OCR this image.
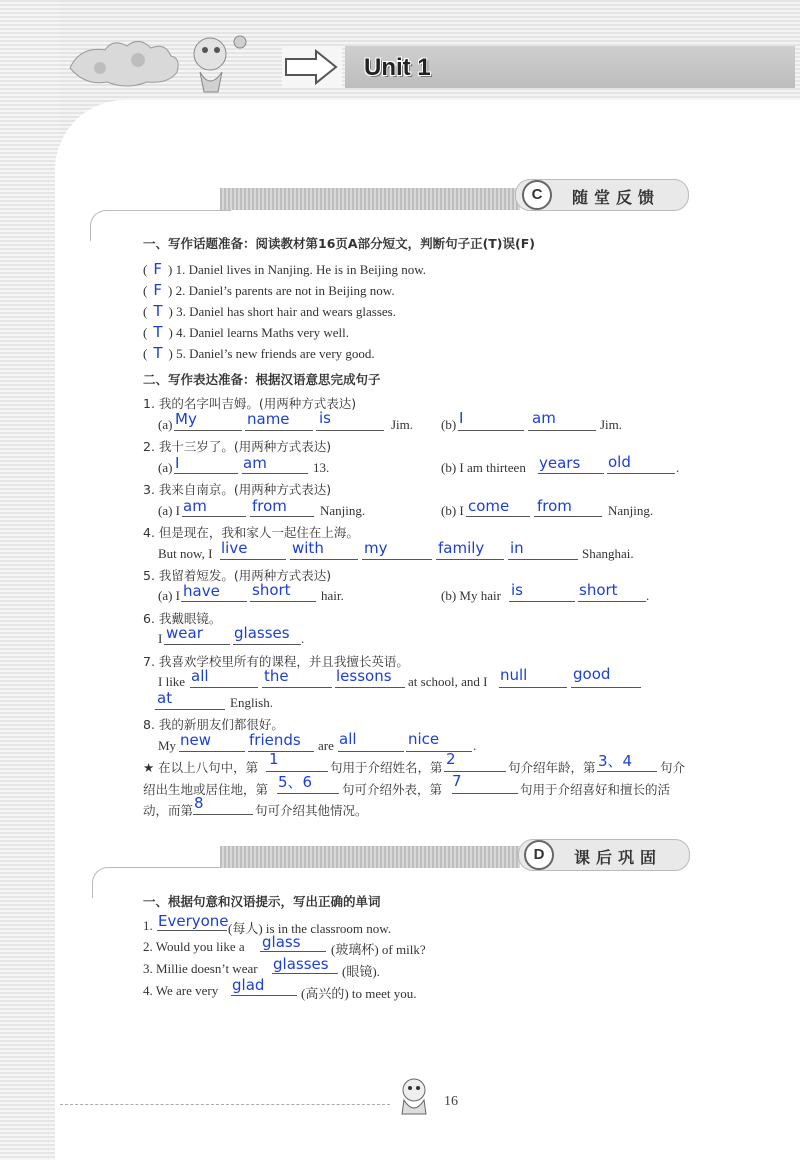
Unit 1
C	随堂反馈
一、写作话题准备：阅读教材第16页A部分短文，判断句子正(T)误(F)
( F ) 1. Daniel lives in Nanjing. He is in Beijing now.
( F ) 2. Daniel’s parents are not in Beijing now.
( T ) 3. Daniel has short hair and wears glasses.
( T ) 4. Daniel learns Maths very well.
( T ) 5. Daniel’s new friends are very good.
二、写作表达准备：根据汉语意思完成句子
1. 我的名字叫吉姆。(用两种方式表达)
(a) My	name is	Jim. (b) I	am	Jim.
2. 我十三岁了。(用两种方式表达)
(a) I	am	13.	(b) I am thirteen years old	.
3. 我来自南京。(用两种方式表达)
(a) I am	from	Nanjing.	(b) I come from	Nanjing.
4. 但是现在，我和家人一起住在上海。
But now, I live	with	my	family in	Shanghai.
5. 我留着短发。(用两种方式表达)
(a) I have short hair.	(b) My hair is	short .
6. 我戴眼镜。
I wear glasses .
7. 我喜欢学校里所有的课程，并且我擅长英语。
I like all	the	lessons at school, and I null	good
at	English.
8. 我的新朋友们都很好。
My new	friends are all	nice	.
★ 在以上八句中，第 1	句用于介绍姓名，第 2	句介绍年龄，第 3、4 句介
绍出生地或居住地，第 5、6 句可介绍外表，第 7	句用于介绍喜好和擅长的活
动，而第 8	句可介绍其他情况。
D	课后巩固
一、根据句意和汉语提示，写出正确的单词
1. Everyone (每人) is in the classroom now.
2. Would you like a glass (玻璃杯) of milk?
3. Millie doesn’t wear glasses (眼镜).
4. We are very glad	(高兴的) to meet you.
16
